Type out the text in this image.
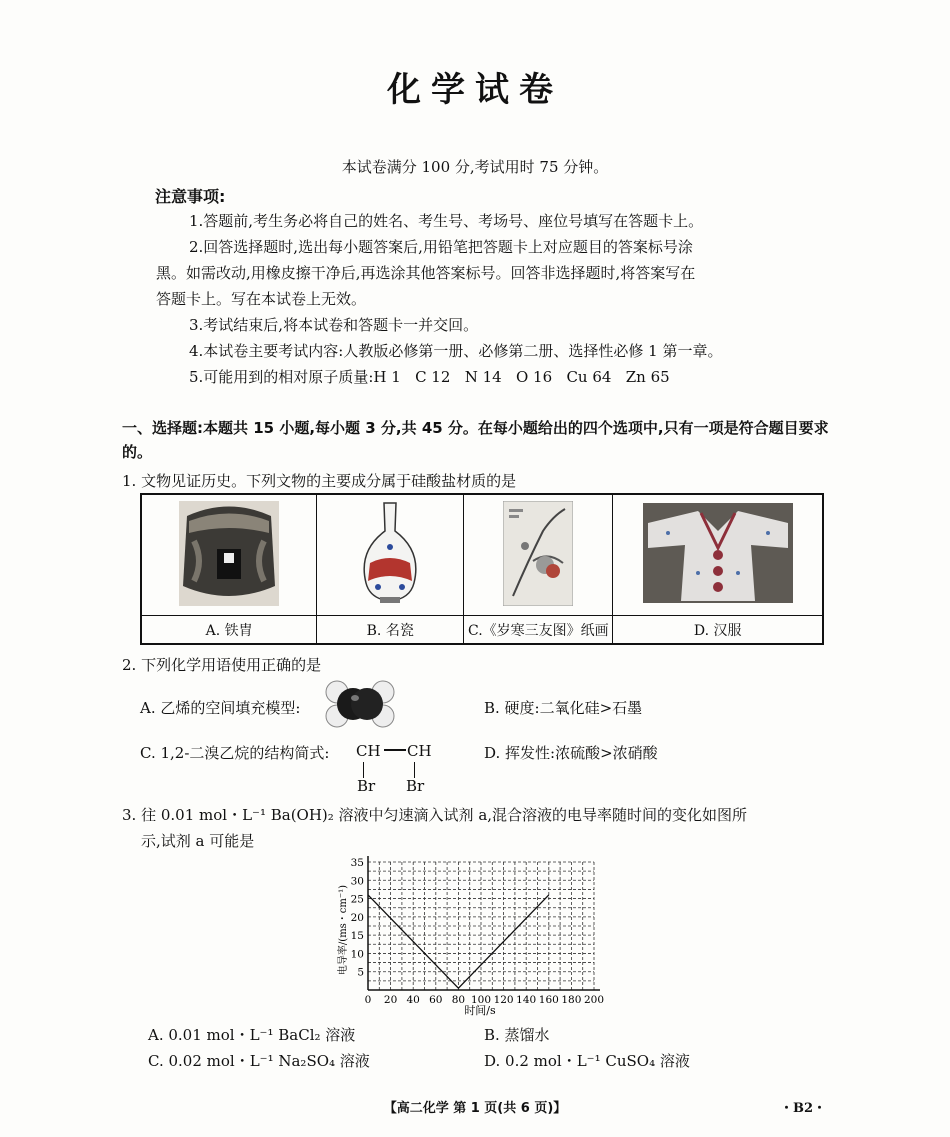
化学试卷
本试卷满分 100 分,考试用时 75 分钟。
注意事项:
1.答题前,考生务必将自己的姓名、考生号、考场号、座位号填写在答题卡上。
2.回答选择题时,选出每小题答案后,用铅笔把答题卡上对应题目的答案标号涂
黑。如需改动,用橡皮擦干净后,再选涂其他答案标号。回答非选择题时,将答案写在
答题卡上。写在本试卷上无效。
3.考试结束后,将本试卷和答题卡一并交回。
4.本试卷主要考试内容:人教版必修第一册、必修第二册、选择性必修 1 第一章。
5.可能用到的相对原子质量:H 1   C 12   N 14   O 16   Cu 64   Zn 65
一、选择题:本题共 15 小题,每小题 3 分,共 45 分。在每小题给出的四个选项中,只有一项是符合题目要求的。
1. 文物见证历史。下列文物的主要成分属于硅酸盐材质的是

A. 铁胄	B. 名瓷	C.《岁寒三友图》纸画	D. 汉服
2. 下列化学用语使用正确的是
A. 乙烯的空间填充模型:	B. 硬度:二氧化硅>石墨
C. 1,2-二溴乙烷的结构简式: CH CH
Br Br
D. 挥发性:浓硫酸>浓硝酸
3. 往 0.01 mol・L⁻¹ Ba(OH)₂ 溶液中匀速滴入试剂 a,混合溶液的电导率随时间的变化如图所
示,试剂 a 可能是
0 20 40 60 80 100 120 140 160 180 200
5
10
15
20
25
30
35
时间/s
电导率/(ms・cm⁻¹)
A. 0.01 mol・L⁻¹ BaCl₂ 溶液	B. 蒸馏水
C. 0.02 mol・L⁻¹ Na₂SO₄ 溶液	D. 0.2 mol・L⁻¹ CuSO₄ 溶液
【高二化学 第 1 页(共 6 页)】	・B2・
